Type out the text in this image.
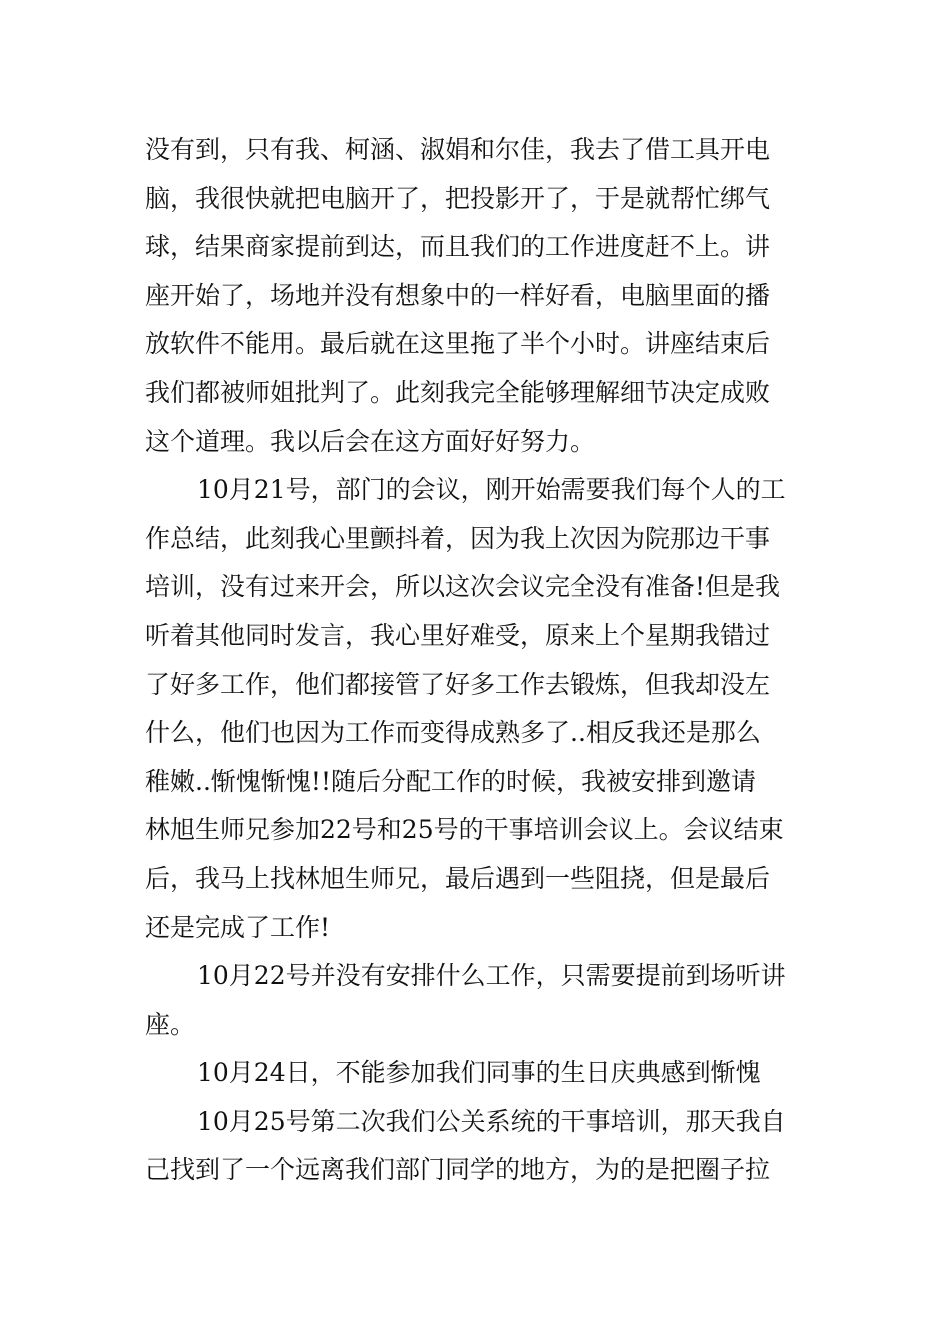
没有到，只有我、柯涵、淑娟和尔佳，我去了借工具开电
脑，我很快就把电脑开了，把投影开了，于是就帮忙绑气
球，结果商家提前到达，而且我们的工作进度赶不上。讲
座开始了，场地并没有想象中的一样好看，电脑里面的播
放软件不能用。最后就在这里拖了半个小时。讲座结束后
我们都被师姐批判了。此刻我完全能够理解细节决定成败
这个道理。我以后会在这方面好好努力。
10月21号，部门的会议，刚开始需要我们每个人的工
作总结，此刻我心里颤抖着，因为我上次因为院那边干事
培训，没有过来开会，所以这次会议完全没有准备!但是我
听着其他同时发言，我心里好难受，原来上个星期我错过
了好多工作，他们都接管了好多工作去锻炼，但我却没左
什么，他们也因为工作而变得成熟多了..相反我还是那么
稚嫩..惭愧惭愧!!随后分配工作的时候，我被安排到邀请
林旭生师兄参加22号和25号的干事培训会议上。会议结束
后，我马上找林旭生师兄，最后遇到一些阻挠，但是最后
还是完成了工作!
10月22号并没有安排什么工作，只需要提前到场听讲
座。
10月24日，不能参加我们同事的生日庆典感到惭愧
10月25号第二次我们公关系统的干事培训，那天我自
己找到了一个远离我们部门同学的地方，为的是把圈子拉
